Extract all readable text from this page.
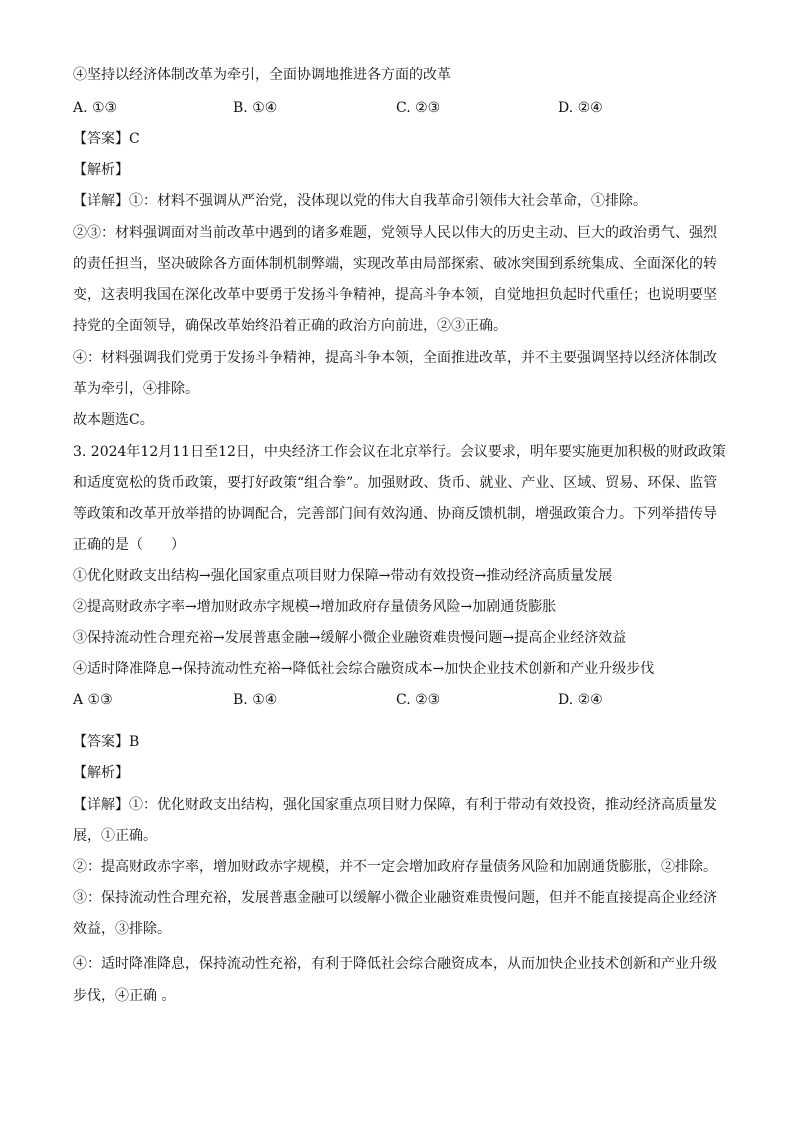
④坚持以经济体制改革为牵引，全面协调地推进各方面的改革
A. ①③	B. ①④	C. ②③	D. ②④
【答案】C
【解析】
【详解】①：材料不强调从严治党，没体现以党的伟大自我革命引领伟大社会革命，①排除。
②③：材料强调面对当前改革中遇到的诸多难题，党领导人民以伟大的历史主动、巨大的政治勇气、强烈
的责任担当，坚决破除各方面体制机制弊端，实现改革由局部探索、破冰突围到系统集成、全面深化的转
变，这表明我国在深化改革中要勇于发扬斗争精神，提高斗争本领，自觉地担负起时代重任；也说明要坚
持党的全面领导，确保改革始终沿着正确的政治方向前进，②③正确。
④：材料强调我们党勇于发扬斗争精神，提高斗争本领，全面推进改革，并不主要强调坚持以经济体制改
革为牵引，④排除。
故本题选C。
3. 2024年12月11日至12日，中央经济工作会议在北京举行。会议要求，明年要实施更加积极的财政政策
和适度宽松的货币政策，要打好政策“组合拳”。加强财政、货币、就业、产业、区域、贸易、环保、监管
等政策和改革开放举措的协调配合，完善部门间有效沟通、协商反馈机制，增强政策合力。下列举措传导
正确的是（　　）
①优化财政支出结构→强化国家重点项目财力保障→带动有效投资→推动经济高质量发展
②提高财政赤字率→增加财政赤字规模→增加政府存量债务风险→加剧通货膨胀
③保持流动性合理充裕→发展普惠金融→缓解小微企业融资难贵慢问题→提高企业经济效益
④适时降准降息→保持流动性充裕→降低社会综合融资成本→加快企业技术创新和产业升级步伐
A ①③	B. ①④	C. ②③	D. ②④
【答案】B
【解析】
【详解】①：优化财政支出结构，强化国家重点项目财力保障，有利于带动有效投资，推动经济高质量发
展，①正确。
②：提高财政赤字率，增加财政赤字规模，并不一定会增加政府存量债务风险和加剧通货膨胀，②排除。
③：保持流动性合理充裕，发展普惠金融可以缓解小微企业融资难贵慢问题，但并不能直接提高企业经济
效益，③排除。
④：适时降准降息，保持流动性充裕，有利于降低社会综合融资成本，从而加快企业技术创新和产业升级
步伐，④正确 。
